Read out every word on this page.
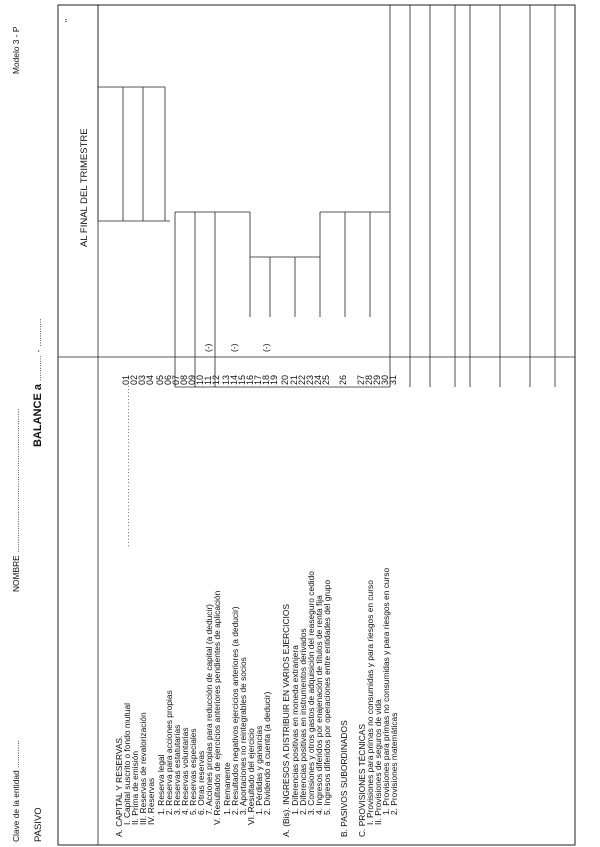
Clave de la entidad ............
NOMBRE ..............................................................
Modelo 3 - P
PASIVO
BALANCE a ........... - ............
AL FINAL DEL TRIMESTRE
"
A. CAPITAL Y RESERVAS.
I. Capital suscrito o fondo mutual
II. Prima de emisión
III. Reservas de revalorización
IV. Reservas 1. Reserva legal
2. Reserva para acciones propias
3. Reservas estatutarias
4. Reservas voluntarias
5. Reservas especiales
6. Otras reservas
7. Acciones propias para reducción de capital (a deducir)
V. Resultados de ejercicios anteriores pendientes de aplicación 1. Remanente
2. Resultados negativos ejercicios anteriores (a deducir)
3. Aportaciones no reintegrables de socios
VI. Resultado del ejercicio
1. Pérdidas y ganancias
2. Dividendo a cuenta (a deducir) A. (Bis). INGRESOS A DISTRIBUIR EN VARIOS EJERCICIOS 1. Diferencias positivas en moneda extranjera
2. Diferencias positivas en instrumentos derivados
3. Comisiones y otros gastos de adquisición del reaseguro cedido
4. Ingresos diferidos por enajenación de títulos de renta fija
5. Ingresos diferidos por operaciones entre entidades del grupo B. PASIVOS SUBORDINADOS C. PROVISIONES TÉCNICAS
I. Provisiones para primas no consumidas y para riesgos en curso
II. Provisiones de seguros de vida
1. Provisiones para primas no consumidas y para riesgos en curso
2. Provisiones matemáticas
.................................................
01
02
03
04 05
06
07
08
09
10
11
12 13
14
15
16
17
18
19 20 21
22
23
24
25 26 27
28
29
30
31
(-) (-)	(-)
